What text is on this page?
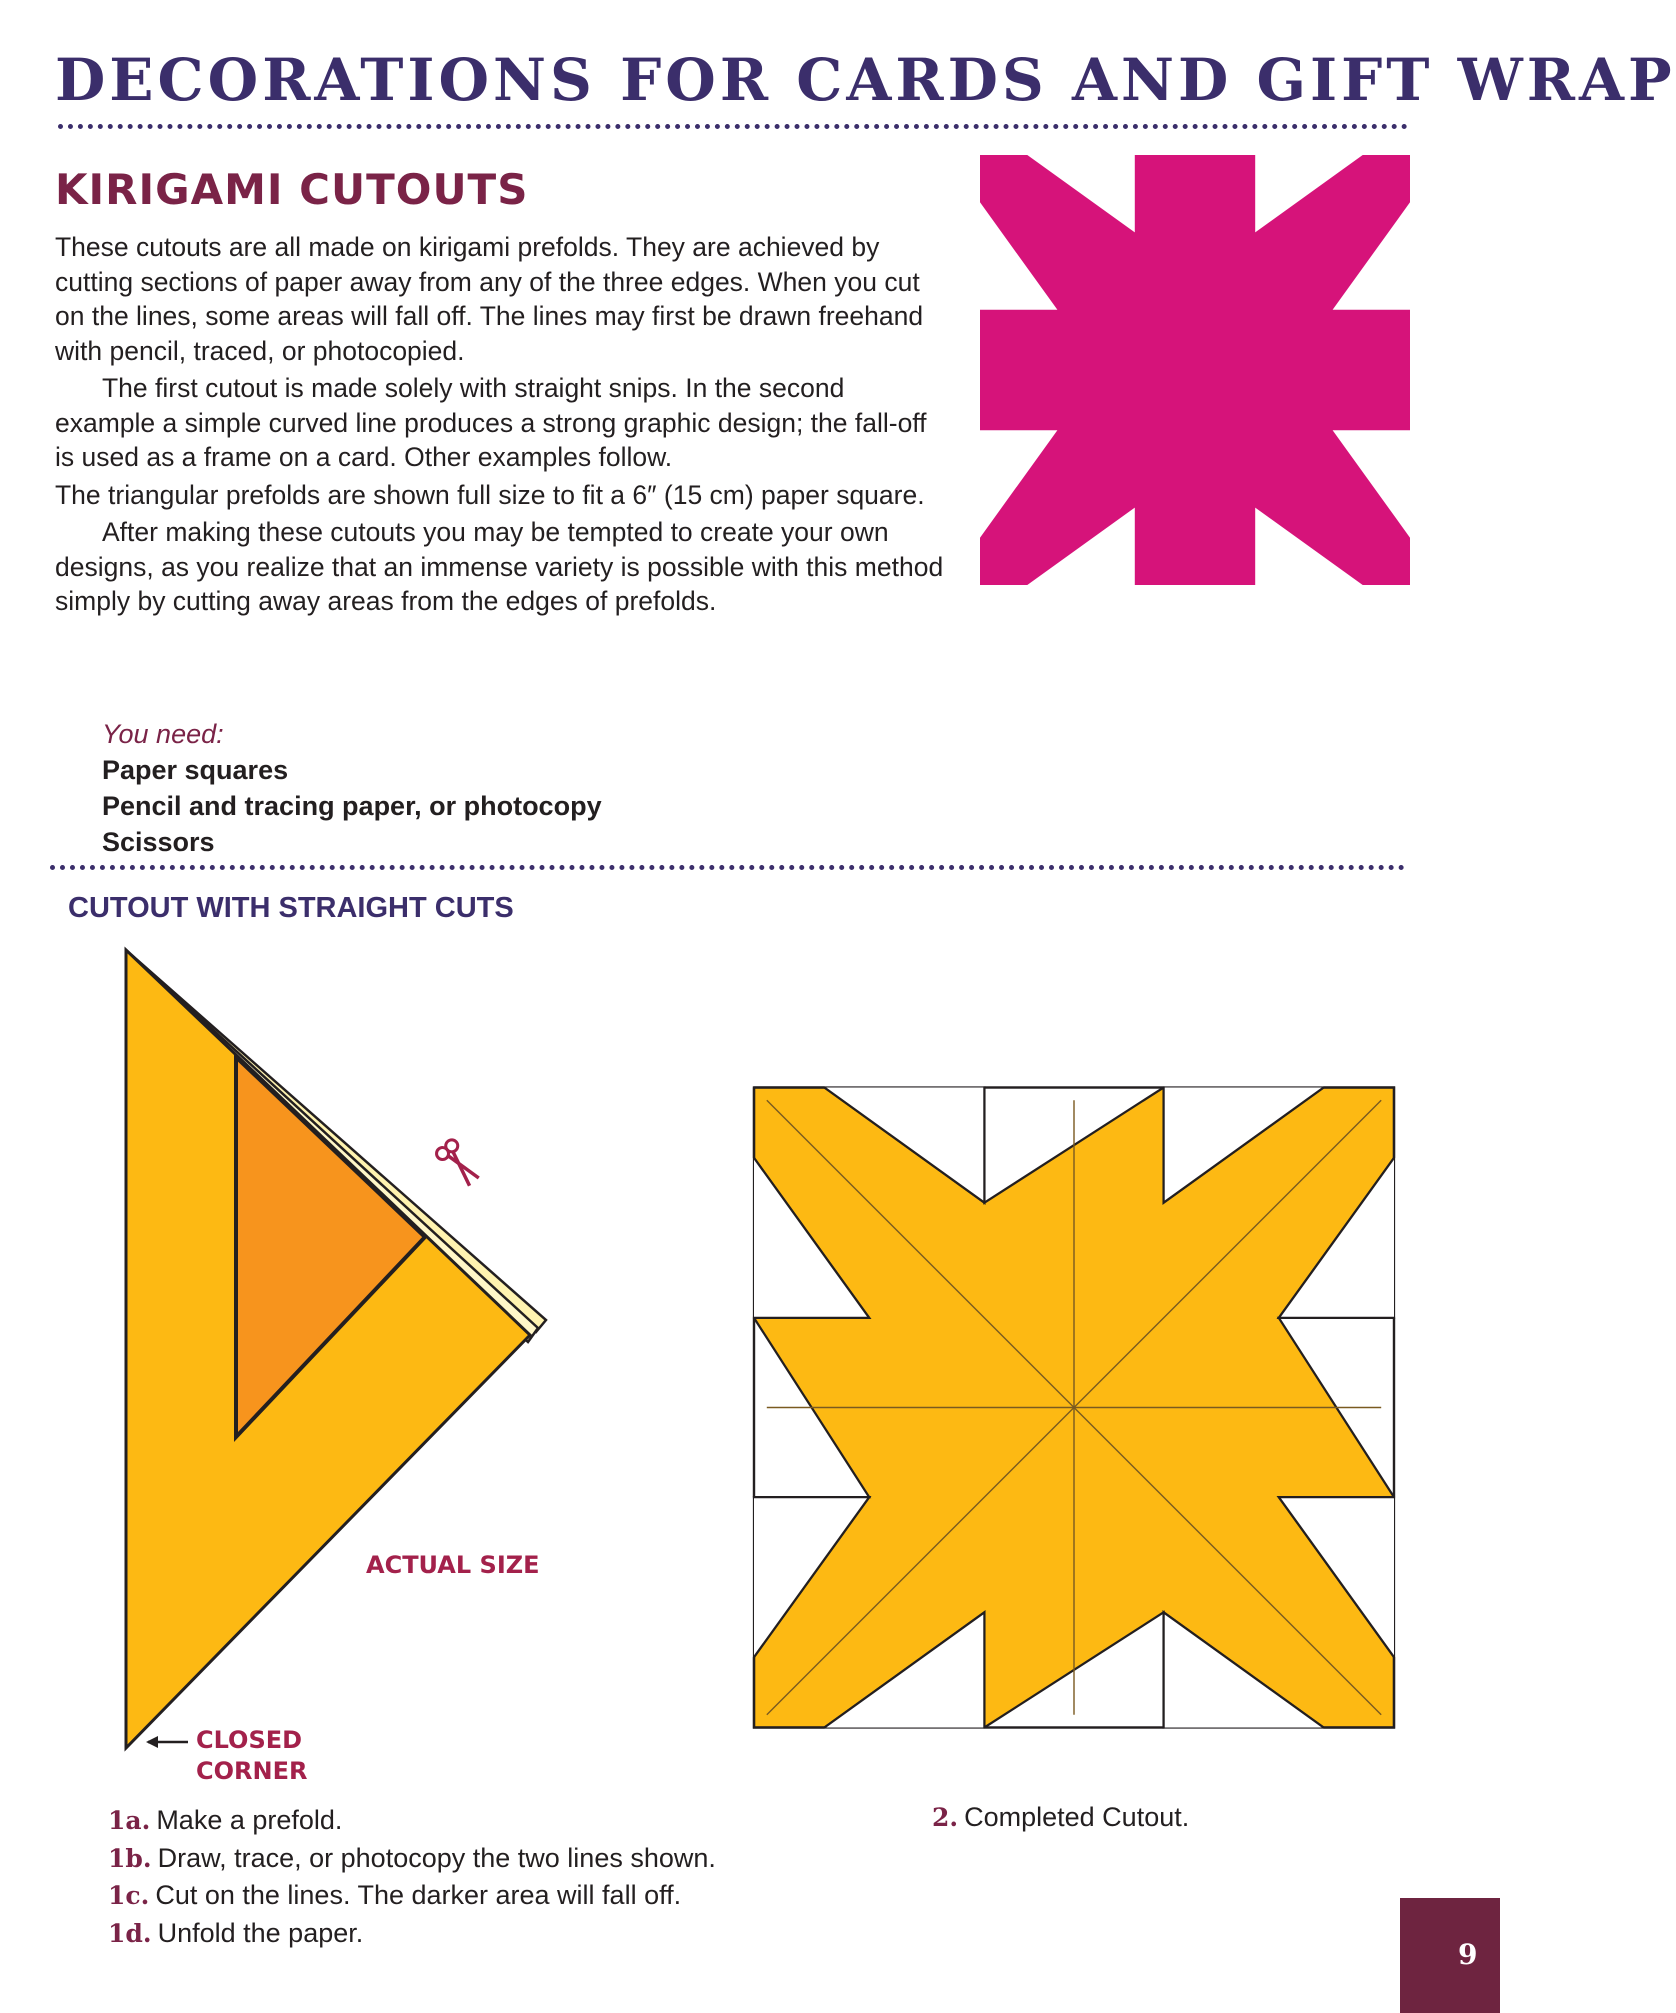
DECORATIONS FOR CARDS AND GIFT WRAP
KIRIGAMI CUTOUTS

These cutouts are all made on kirigami prefolds. They are achieved by cutting sections of paper away from any of the three edges. When you cut on the lines, some areas will fall off. The lines may first be drawn freehand with pencil, traced, or photocopied.

The first cutout is made solely with straight snips. In the second example a simple curved line produces a strong graphic design; the fall-off is used as a frame on a card. Other examples follow.

The triangular prefolds are shown full size to fit a 6″ (15 cm) paper square.

After making these cutouts you may be tempted to create your own designs, as you realize that an immense variety is possible with this method simply by cutting away areas from the edges of prefolds.

You need:
Paper squares
Pencil and tracing paper, or photocopy
Scissors
CUTOUT WITH STRAIGHT CUTS
ACTUAL SIZE
CLOSED
CORNER
1a. Make a prefold.
1b. Draw, trace, or photocopy the two lines shown.
1c. Cut on the lines. The darker area will fall off.
1d. Unfold the paper.
2. Completed Cutout.
9
